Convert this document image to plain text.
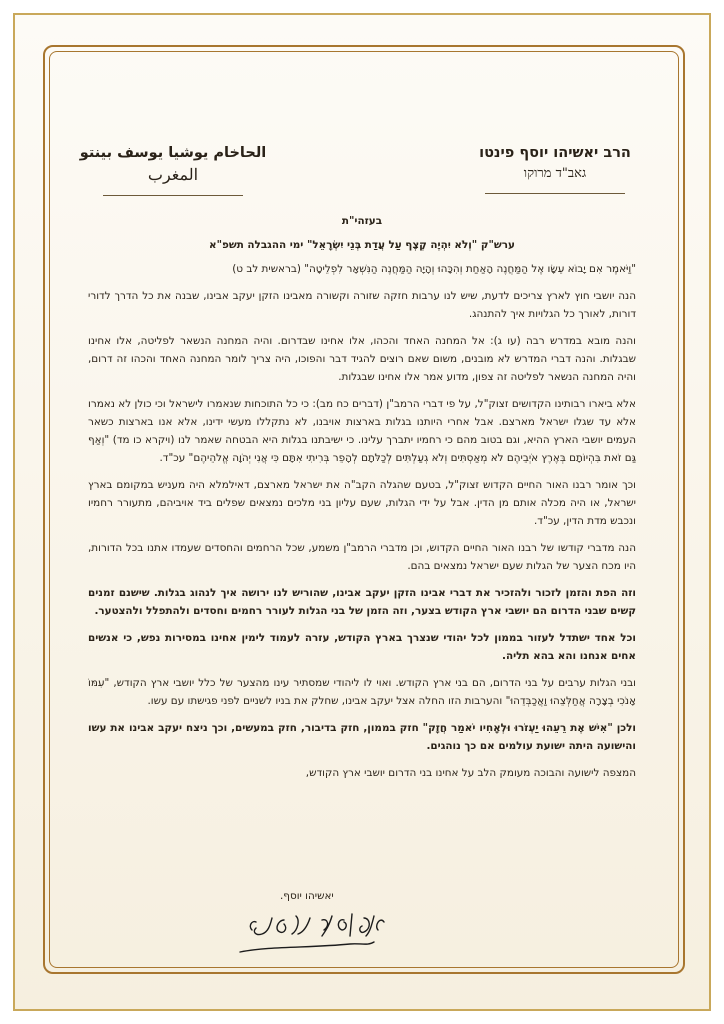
הרב יאשיהו יוסף פינטו
גאב"ד מרוקו
الحاخام يوشيا يوسف بينتو
المغرب

בעזהי"ת

ערש"ק "וְלֹא יִהְיֶה קֶצֶף עַל עֲדַת בְּנֵי יִשְׂרָאֵל" ימי ההגבלה תשפ"א

"וַיֹּאמֶר אִם יָבוֹא עֵשָׂו אֶל הַמַּחֲנֶה הָאַחַת וְהִכָּהוּ וְהָיָה הַמַּחֲנֶה הַנִּשְׁאָר לִפְלֵיטָה" (בראשית לב ט)

הנה יושבי חוץ לארץ צריכים לדעת, שיש לנו ערבות חזקה שזורה וקשורה מאבינו הזקן יעקב אבינו, שבנה את כל הדרך לדורי דורות, לאורך כל הגלויות איך להתנהג.

והנה מובא במדרש רבה (עו ג): אל המחנה האחד והכהו, אלו אחינו שבדרום. והיה המחנה הנשאר לפליטה, אלו אחינו שבגלות. והנה דברי המדרש לא מובנים, משום שאם רוצים להגיד דבר והפוכו, היה צריך לומר המחנה האחד והכהו זה דרום, והיה המחנה הנשאר לפליטה זה צפון, מדוע אמר אלו אחינו שבגלות.

אלא ביארו רבותינו הקדושים זצוק"ל, על פי דברי הרמב"ן (דברים כח מב): כי כל התוכחות שנאמרו לישראל וכי כולן לא נאמרו אלא עד שגלו ישראל מארצם. אבל אחרי היותנו בגלות בארצות אויבנו, לא נתקללו מעשי ידינו, אלא אנו בארצות כשאר העמים יושבי הארץ ההיא, וגם בטוב מהם כי רחמיו יתברך עלינו. כי ישיבתנו בגלות היא הבטחה שאמר לנו (ויקרא כו מד) "וְאַף גַּם זֹאת בִּהְיוֹתָם בְּאֶרֶץ אֹיְבֵיהֶם לֹא מְאַסְתִּים וְלֹא גְעַלְתִּים לְכַלֹּתָם לְהָפֵר בְּרִיתִי אִתָּם כִּי אֲנִי יְהֹוָה אֱלֹהֵיהֶם" עכ"ד.

וכך אומר רבנו האור החיים הקדוש זצוק"ל, בטעם שהגלה הקב"ה את ישראל מארצם, דאילמלא היה מעניש במקומם בארץ ישראל, או היה מכלה אותם מן הדין. אבל על ידי הגלות, שעם עליון בני מלכים נמצאים שפלים ביד אויביהם, מתעורר רחמיו ונכבש מדת הדין, עכ"ד.

הנה מדברי קודשו של רבנו האור החיים הקדוש, וכן מדברי הרמב"ן משמע, שכל הרחמים והחסדים שעמדו אתנו בכל הדורות, היו מכח הצער של הגלות שעם ישראל נמצאים בהם.

וזה הפת והזמן לזכור ולהזכיר את דברי אבינו הזקן יעקב אבינו, שהוריש לנו ירושה איך לנהוג בגלות. שישנם זמנים קשים שבני הדרום הם יושבי ארץ הקודש בצער, וזה הזמן של בני הגלות לעורר רחמים וחסדים ולהתפלל ולהצטער.

וכל אחד ישתדל לעזור בממון לכל יהודי שנצרך בארץ הקודש, עזרה לעמוד לימין אחינו במסירות נפש, כי אנשים אחים אנחנו והא בהא תליה.

ובני הגלות ערבים על בני הדרום, הם בני ארץ הקודש. ואוי לו ליהודי שמסתיר עינו מהצער של כלל יושבי ארץ הקודש, "עִמּוֹ אָנֹכִי בְצָרָה אֲחַלְּצֵהוּ וַאֲכַבְּדֵהוּ" והערבות הזו החלה אצל יעקב אבינו, שחלק את בניו לשניים לפני פגישתו עם עשו.

ולכן "אִישׁ אֶת רֵעֵהוּ יַעְזֹרוּ וּלְאָחִיו יֹאמַר חֲזָק" חזק בממון, חזק בדיבור, חזק במעשים, וכך ניצח יעקב אבינו את עשו והישועה היתה ישועת עולמים אם כך נוהגים.

המצפה לישועה והבוכה מעומק הלב על אחינו בני הדרום יושבי ארץ הקודש,

יאשיהו יוסף.
